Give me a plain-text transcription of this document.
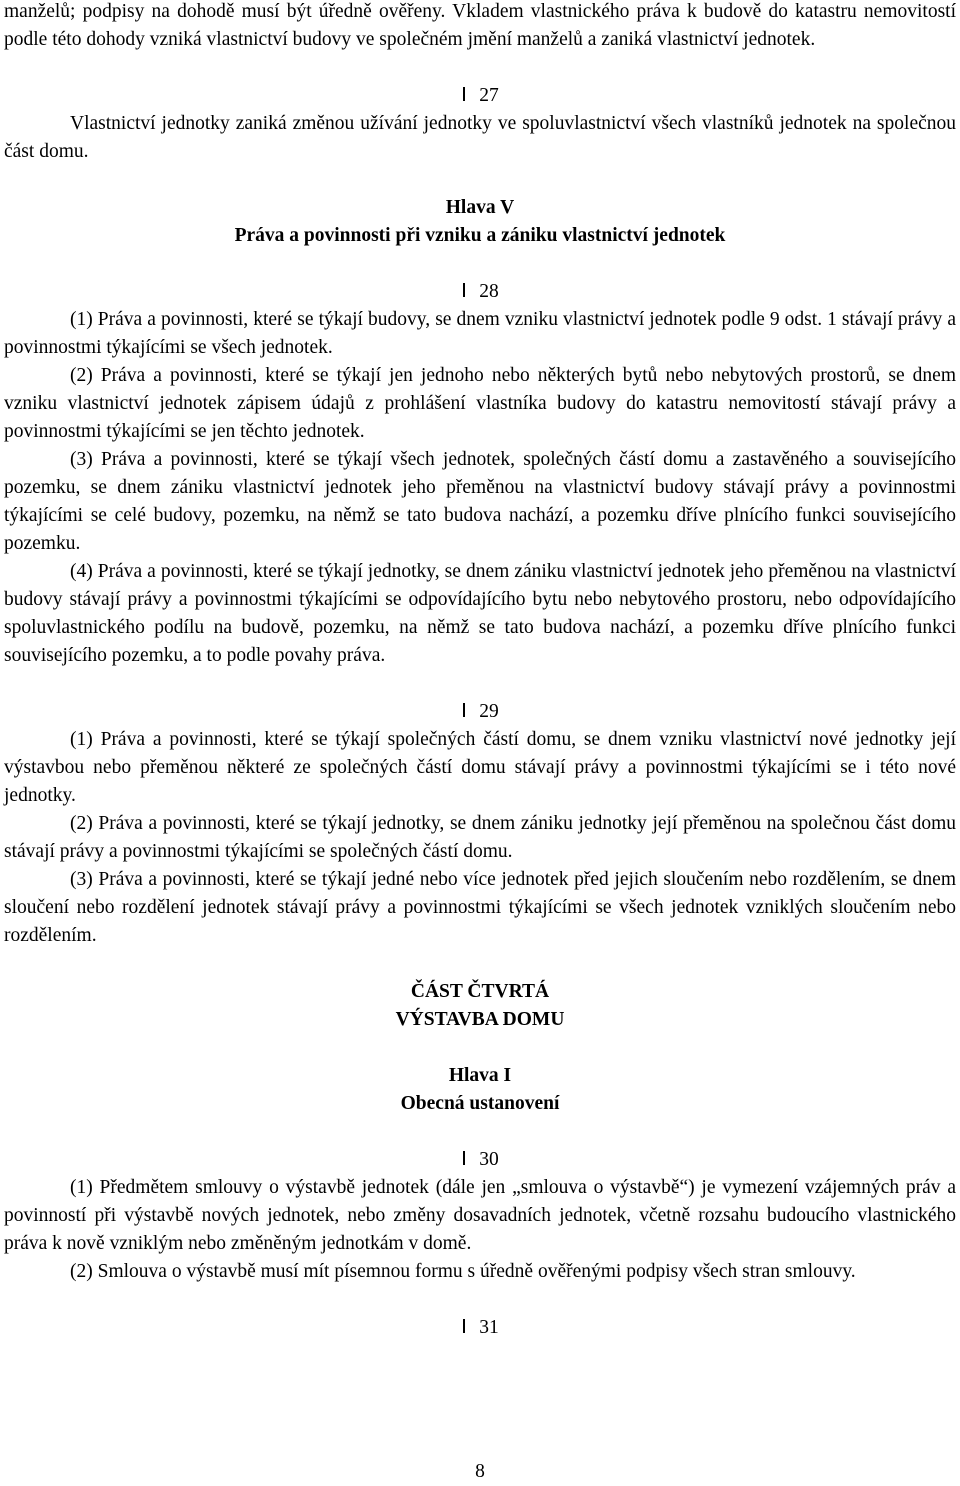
manželů; podpisy na dohodě musí být úředně ověřeny. Vkladem vlastnického práva k budově do katastru nemovitostí podle této dohody vzniká vlastnictví budovy ve společném jmění manželů a zaniká vlastnictví jednotek.

27

Vlastnictví jednotky zaniká změnou užívání jednotky ve spoluvlastnictví všech vlastníků jednotek na společnou část domu.

Hlava V

Práva a povinnosti při vzniku a zániku vlastnictví jednotek

28

(1) Práva a povinnosti, které se týkají budovy, se dnem vzniku vlastnictví jednotek podle 9 odst. 1 stávají právy a povinnostmi týkajícími se všech jednotek.

(2) Práva a povinnosti, které se týkají jen jednoho nebo některých bytů nebo nebytových prostorů, se dnem vzniku vlastnictví jednotek zápisem údajů z prohlášení vlastníka budovy do katastru nemovitostí stávají právy a povinnostmi týkajícími se jen těchto jednotek.

(3) Práva a povinnosti, které se týkají všech jednotek, společných částí domu a zastavěného a souvisejícího pozemku, se dnem zániku vlastnictví jednotek jeho přeměnou na vlastnictví budovy stávají právy a povinnostmi týkajícími se celé budovy, pozemku, na němž se tato budova nachází, a pozemku dříve plnícího funkci souvisejícího pozemku.

(4) Práva a povinnosti, které se týkají jednotky, se dnem zániku vlastnictví jednotek jeho přeměnou na vlastnictví budovy stávají právy a povinnostmi týkajícími se odpovídajícího bytu nebo nebytového prostoru, nebo odpovídajícího spoluvlastnického podílu na budově, pozemku, na němž se tato budova nachází, a pozemku dříve plnícího funkci souvisejícího pozemku, a to podle povahy práva.

29

(1) Práva a povinnosti, které se týkají společných částí domu, se dnem vzniku vlastnictví nové jednotky její výstavbou nebo přeměnou některé ze společných částí domu stávají právy a povinnostmi týkajícími se i této nové jednotky.

(2) Práva a povinnosti, které se týkají jednotky, se dnem zániku jednotky její přeměnou na společnou část domu stávají právy a povinnostmi týkajícími se společných částí domu.

(3) Práva a povinnosti, které se týkají jedné nebo více jednotek před jejich sloučením nebo rozdělením, se dnem sloučení nebo rozdělení jednotek stávají právy a povinnostmi týkajícími se všech jednotek vzniklých sloučením nebo rozdělením.

ČÁST ČTVRTÁ

VÝSTAVBA DOMU

Hlava I

Obecná ustanovení

30

(1) Předmětem smlouvy o výstavbě jednotek (dále jen „smlouva o výstavbě“) je vymezení vzájemných práv a povinností při výstavbě nových jednotek, nebo změny dosavadních jednotek, včetně rozsahu budoucího vlastnického práva k nově vzniklým nebo změněným jednotkám v domě.

(2) Smlouva o výstavbě musí mít písemnou formu s úředně ověřenými podpisy všech stran smlouvy.

31

8
